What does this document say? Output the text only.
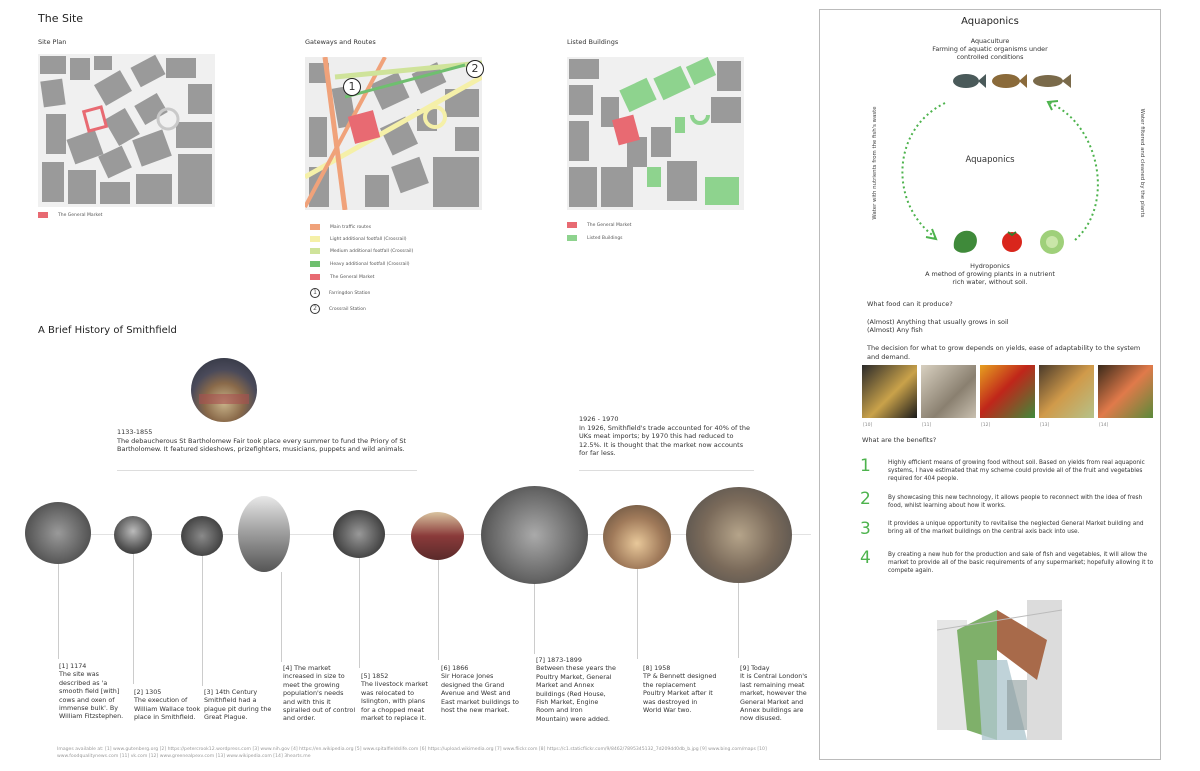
The Site
Site Plan
The General Market
Gateways and Routes
1
2
Main traffic routes
Light additional footfall (Crossrail)
Medium additional footfall (Crossrail)
Heavy additional footfall (Crossrail)
The General Market
1	Farringdon Station
2	Crossrail Station
Listed Buildings
The General Market
Listed Buildings
A Brief History of Smithfield
1133-1855
The debaucherous St Bartholomew Fair took place every summer to fund the Priory of St Bartholomew. It featured sideshows, prizefighters, musicians, puppets and wild animals.
1926 - 1970
In 1926, Smithfield's trade accounted for 40% of the UKs meat imports; by 1970 this had reduced to 12.5%. It is thought that the market now accounts for far less.
[1] 1174
The site was described as 'a smooth field [with] cows and oxen of immense bulk'. By William Fitzstephen.
[2] 1305
The execution of William Wallace took place in Smithfield.
[3] 14th Century
Smithfield had a plague pit during the Great Plague.
[4] The market
increased in size to meet the growing population's needs and with this it spiralled out of control and order.
[5] 1852
The livestock market was relocated to Islington, with plans for a chopped meat market to replace it.
[6] 1866
Sir Horace Jones designed the Grand Avenue and West and East market buildings to host the new market.
[7] 1873-1899
Between these years the Poultry Market, General Market and Annex buildings (Red House, Fish Market, Engine Room and Iron Mountain) were added.
[8] 1958
TP & Bennett designed the replacement Poultry Market after it was destroyed in World War two.
[9] Today
It is Central London's last remaining meat market, however the General Market and Annex buildings are now disused.
Images available at: [1] www.gutenberg.org [2] https://petercrook12.wordpress.com [3] www.nih.gov [4] https://en.wikipedia.org [5] www.spitalfieldslife.com [6] https://upload.wikimedia.org [7] www.flickr.com [8] https://c1.staticflickr.com/9/8462/7895345132_7d209dd0db_b.jpg [9] www.bing.com/maps [10] www.foodqualitynews.com [11] vk.com [12] www.greenealpexv.com [13] www.wikipedia.com [14] 3hearts.me
Aquaponics
Aquaculture
Farming of aquatic organisms under controlled conditions
Aquaponics
Water with nutrients from the fish's waste	Water filtered and cleaned by the plants
Hydroponics
A method of growing plants in a nutrient rich water, without soil.
What food can it produce?
(Almost) Anything that usually grows in soil
(Almost) Any fish
The decision for what to grow depends on yields, ease of adaptability to the system and demand.
[10]	[11]	[12]	[13]	[14]
What are the benefits?
1	Highly efficient means of growing food without soil. Based on yields from real aquaponic systems, I have estimated that my scheme could provide all of the fruit and vegetables required for 404 people.
2	By showcasing this new technology, it allows people to reconnect with the idea of fresh food, whilst learning about how it works.
3	It provides a unique opportunity to revitalise the neglected General Market building and bring all of the market buildings on the central axis back into use.
4	By creating a new hub for the production and sale of fish and vegetables, it will allow the market to provide all of the basic requirements of any supermarket; hopefully allowing it to compete again.
